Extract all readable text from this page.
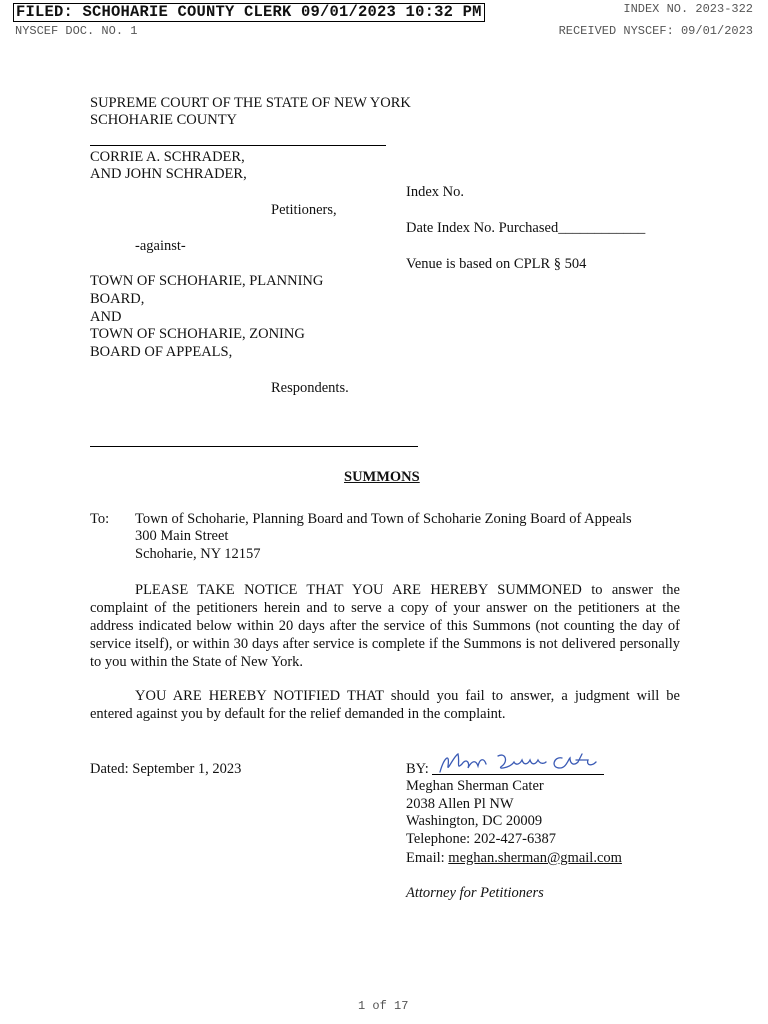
FILED: SCHOHARIE COUNTY CLERK 09/01/2023 10:32 PM	INDEX NO. 2023-322
NYSCEF DOC. NO. 1	RECEIVED NYSCEF: 09/01/2023
SUPREME COURT OF THE STATE OF NEW YORK
SCHOHARIE COUNTY
CORRIE A. SCHRADER,
AND JOHN SCHRADER,
Petitioners,
-against-
TOWN OF SCHOHARIE, PLANNING
BOARD,
AND
TOWN OF SCHOHARIE, ZONING
BOARD OF APPEALS,
Respondents.
Index No.
Date Index No. Purchased____________
Venue is based on CPLR § 504
SUMMONS
To: Town of Schoharie, Planning Board and Town of Schoharie Zoning Board of Appeals
300 Main Street
Schoharie, NY 12157
PLEASE TAKE NOTICE THAT YOU ARE HEREBY SUMMONED to answer the complaint of the petitioners herein and to serve a copy of your answer on the petitioners at the address indicated below within 20 days after the service of this Summons (not counting the day of service itself), or within 30 days after service is complete if the Summons is not delivered personally to you within the State of New York.
YOU ARE HEREBY NOTIFIED THAT should you fail to answer, a judgment will be entered against you by default for the relief demanded in the complaint.
Dated: September 1, 2023	BY:
Meghan Sherman Cater
2038 Allen Pl NW
Washington, DC 20009
Telephone: 202-427-6387
Email: meghan.sherman@gmail.com
Attorney for Petitioners
1 of 17
